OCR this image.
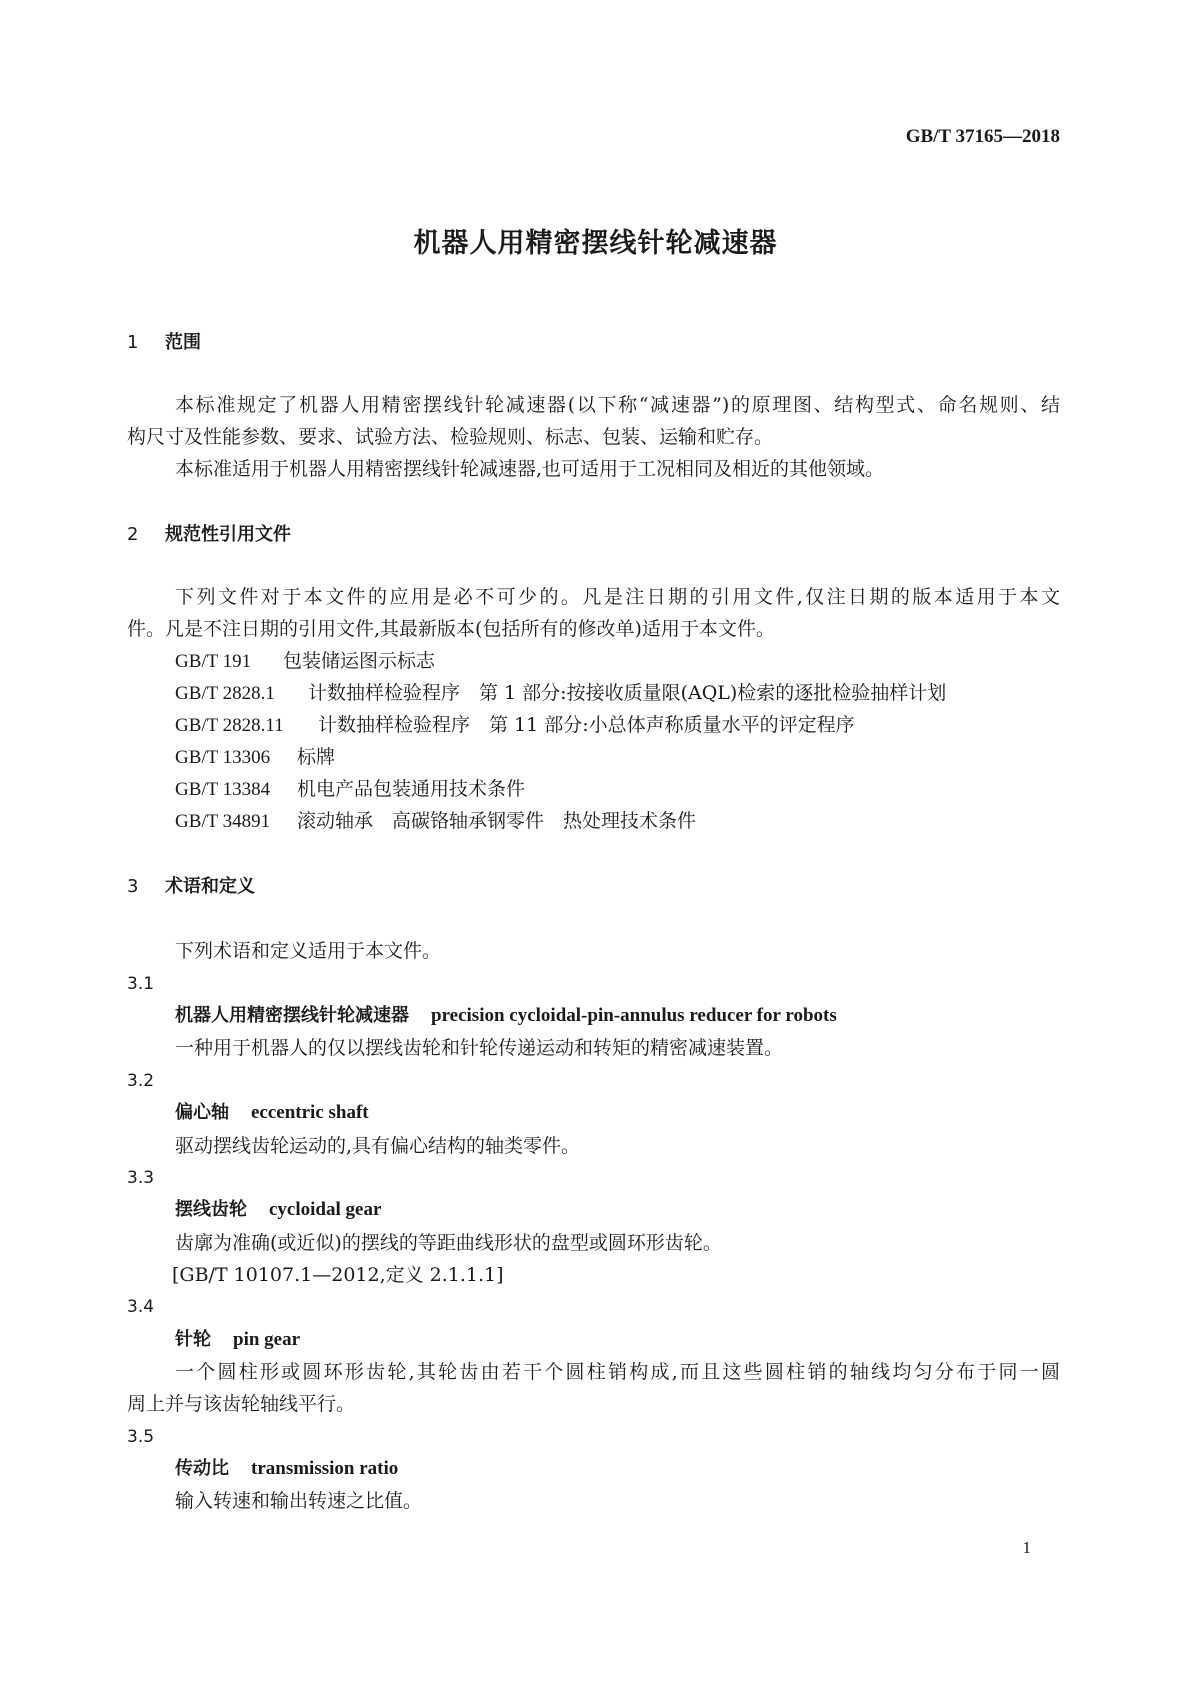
GB/T 37165—2018
机器人用精密摆线针轮减速器
1 范围
本标准规定了机器人用精密摆线针轮减速器(以下称“减速器”)的原理图、结构型式、命名规则、结
构尺寸及性能参数、要求、试验方法、检验规则、标志、包装、运输和贮存。
本标准适用于机器人用精密摆线针轮减速器,也可适用于工况相同及相近的其他领域。
2 规范性引用文件
下列文件对于本文件的应用是必不可少的。凡是注日期的引用文件,仅注日期的版本适用于本文
件。凡是不注日期的引用文件,其最新版本(包括所有的修改单)适用于本文件。
GB/T 191 包装储运图示标志
GB/T 2828.1 计数抽样检验程序　第 1 部分:按接收质量限(AQL)检索的逐批检验抽样计划
GB/T 2828.11 计数抽样检验程序　第 11 部分:小总体声称质量水平的评定程序
GB/T 13306 标牌
GB/T 13384 机电产品包装通用技术条件
GB/T 34891 滚动轴承　高碳铬轴承钢零件　热处理技术条件
3 术语和定义
下列术语和定义适用于本文件。
3.1
机器人用精密摆线针轮减速器 precision cycloidal-pin-annulus reducer for robots
一种用于机器人的仅以摆线齿轮和针轮传递运动和转矩的精密减速装置。
3.2
偏心轴 eccentric shaft
驱动摆线齿轮运动的,具有偏心结构的轴类零件。
3.3
摆线齿轮 cycloidal gear
齿廓为准确(或近似)的摆线的等距曲线形状的盘型或圆环形齿轮。
[GB/T 10107.1—2012,定义 2.1.1.1]
3.4
针轮 pin gear
一个圆柱形或圆环形齿轮,其轮齿由若干个圆柱销构成,而且这些圆柱销的轴线均匀分布于同一圆
周上并与该齿轮轴线平行。
3.5
传动比 transmission ratio
输入转速和输出转速之比值。
1
